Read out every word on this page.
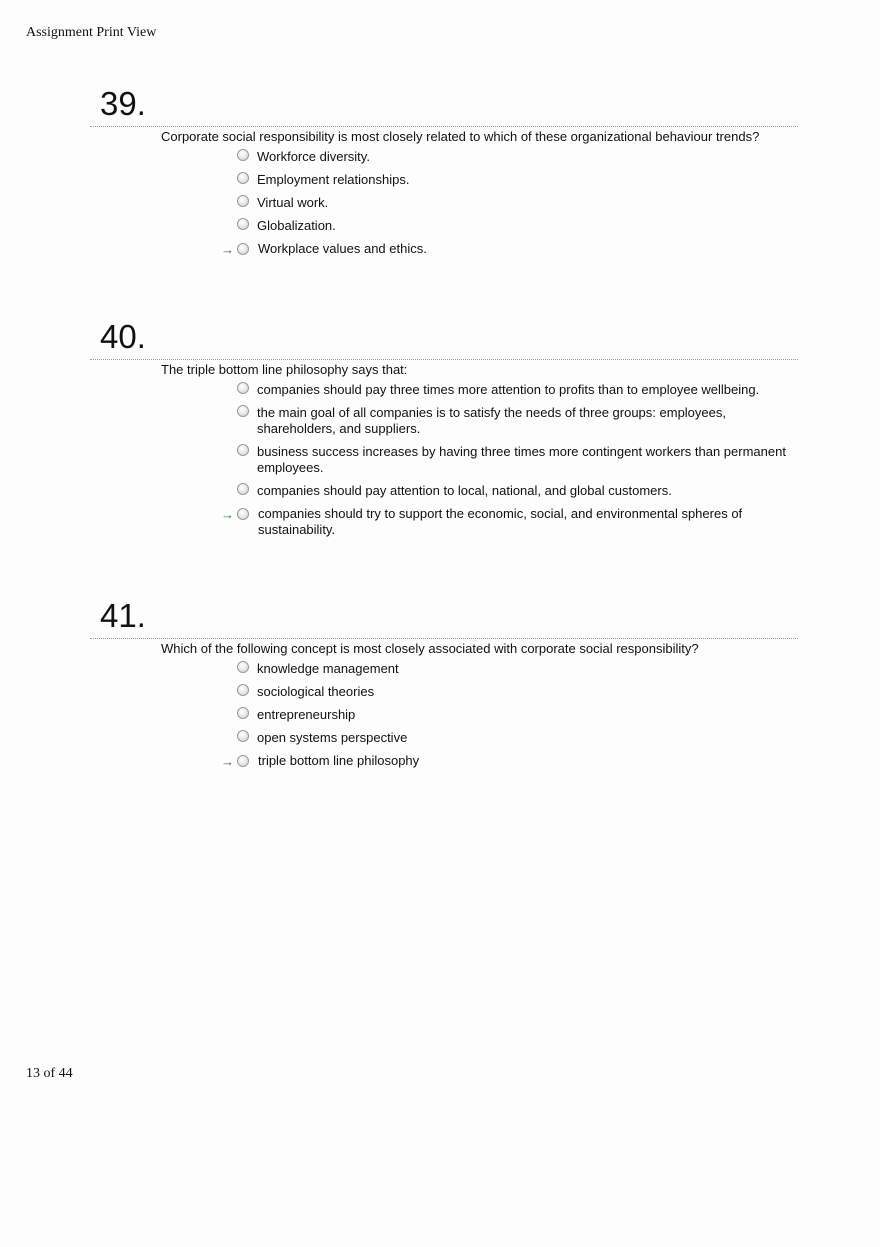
Assignment Print View
39.
Corporate social responsibility is most closely related to which of these organizational behaviour trends?
Workforce diversity.
Employment relationships.
Virtual work.
Globalization.
→ Workplace values and ethics.
40.
The triple bottom line philosophy says that:
companies should pay three times more attention to profits than to employee wellbeing.
the main goal of all companies is to satisfy the needs of three groups: employees, shareholders, and suppliers.
business success increases by having three times more contingent workers than permanent employees.
companies should pay attention to local, national, and global customers.
→ companies should try to support the economic, social, and environmental spheres of sustainability.
41.
Which of the following concept is most closely associated with corporate social responsibility?
knowledge management
sociological theories
entrepreneurship
open systems perspective
→ triple bottom line philosophy
13 of 44
